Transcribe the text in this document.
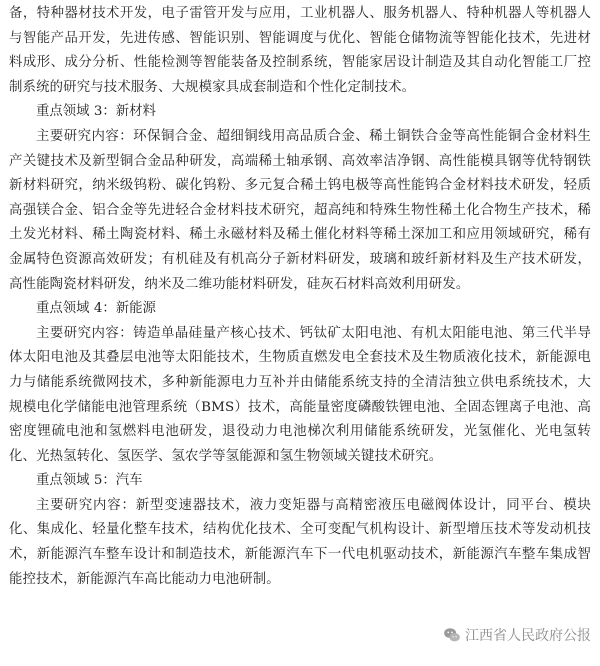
备，特种器材技术开发，电子雷管开发与应用，工业机器人、服务机器人、特种机器人等机器人与智能产品开发，先进传感、智能识别、智能调度与优化、智能仓储物流等智能化技术，先进材料成形、成分分析、性能检测等智能装备及控制系统，智能家居设计制造及其自动化智能工厂控制系统的研究与技术服务、大规模家具成套制造和个性化定制技术。

重点领域 3：新材料

主要研究内容：环保铜合金、超细铜线用高品质合金、稀土铜铁合金等高性能铜合金材料生产关键技术及新型铜合金品种研发，高端稀土轴承钢、高效率洁净钢、高性能模具钢等优特钢铁新材料研究，纳米级钨粉、碳化钨粉、多元复合稀土钨电极等高性能钨合金材料技术研发，轻质高强镁合金、铝合金等先进轻合金材料技术研究，超高纯和特殊生物性稀土化合物生产技术，稀土发光材料、稀土陶瓷材料、稀土永磁材料及稀土催化材料等稀土深加工和应用领域研究，稀有金属特色资源高效研发；有机硅及有机高分子新材料研发，玻璃和玻纤新材料及生产技术研发，高性能陶瓷材料研发，纳米及二维功能材料研发，硅灰石材料高效利用研发。

重点领域 4：新能源

主要研究内容：铸造单晶硅量产核心技术、钙钛矿太阳电池、有机太阳能电池、第三代半导体太阳电池及其叠层电池等太阳能技术，生物质直燃发电全套技术及生物质液化技术，新能源电力与储能系统微网技术，多种新能源电力互补并由储能系统支持的全清洁独立供电系统技术，大规模电化学储能电池管理系统（BMS）技术，高能量密度磷酸铁锂电池、全固态锂离子电池、高密度锂硫电池和氢燃料电池研发，退役动力电池梯次利用储能系统研发，光氢催化、光电氢转化、光热氢转化、氢医学、氢农学等氢能源和氢生物领域关键技术研究。

重点领域 5：汽车

主要研究内容：新型变速器技术，液力变矩器与高精密液压电磁阀体设计，同平台、模块化、集成化、轻量化整车技术，结构优化技术、全可变配气机构设计、新型增压技术等发动机技术，新能源汽车整车设计和制造技术，新能源汽车下一代电机驱动技术，新能源汽车整车集成智能控技术，新能源汽车高比能动力电池研制。

江西省人民政府公报
